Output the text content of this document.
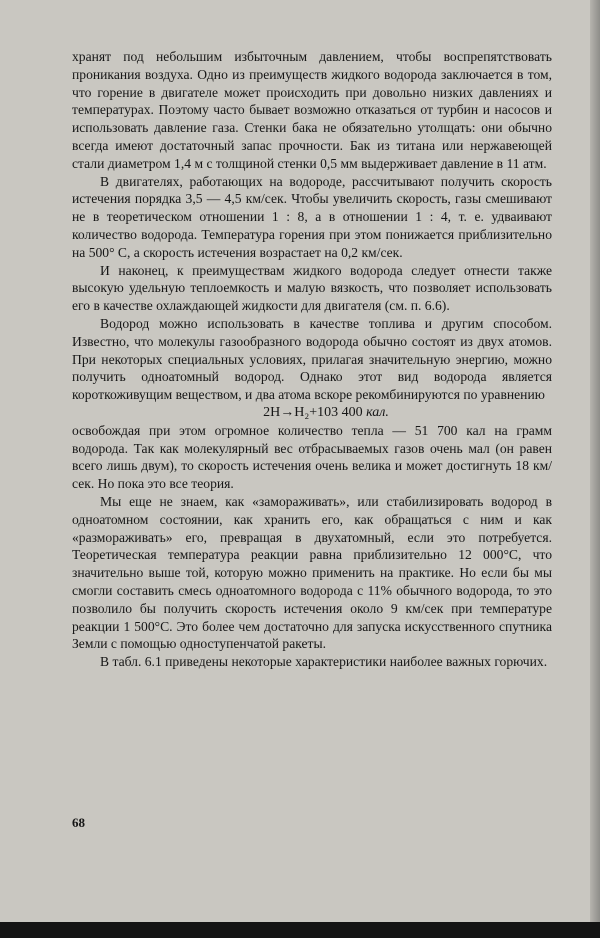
хранят под небольшим избыточным давлением, чтобы воспрепятствовать проникания воздуха. Одно из преимуществ жидкого водорода заключается в том, что горение в двигателе может происходить при довольно низких давлениях и температурах. Поэтому часто бывает возможно отказаться от турбин и насосов и использовать давление газа. Стенки бака не обязательно утолщать: они обычно всегда имеют достаточный запас прочности. Бак из титана или нержавеющей стали диаметром 1,4 м с толщиной стенки 0,5 мм выдерживает давление в 11 атм.

В двигателях, работающих на водороде, рассчитывают получить скорость истечения порядка 3,5 — 4,5 км/сек. Чтобы увеличить скорость, газы смешивают не в теоретическом отношении 1 : 8, а в отношении 1 : 4, т. е. удваивают количество водорода. Температура горения при этом понижается приблизительно на 500° С, а скорость истечения возрастает на 0,2 км/сек.

И наконец, к преимуществам жидкого водорода следует отнести также высокую удельную теплоемкость и малую вязкость, что позволяет использовать его в качестве охлаждающей жидкости для двигателя (см. п. 6.6).

Водород можно использовать в качестве топлива и другим способом. Известно, что молекулы газообразного водорода обычно состоят из двух атомов. При некоторых специальных условиях, прилагая значительную энергию, можно получить одноатомный водород. Однако этот вид водорода является короткоживущим веществом, и два атома вскоре рекомбинируются по уравнению

2H→H₂+103 400 кал.

освобождая при этом огромное количество тепла — 51 700 кал на грамм водорода. Так как молекулярный вес отбрасываемых газов очень мал (он равен всего лишь двум), то скорость истечения очень велика и может достигнуть 18 км/сек. Но пока это все теория.

Мы еще не знаем, как «замораживать», или стабилизировать водород в одноатомном состоянии, как хранить его, как обращаться с ним и как «размораживать» его, превращая в двухатомный, если это потребуется. Теоретическая температура реакции равна приблизительно 12 000°С, что значительно выше той, которую можно применить на практике. Но если бы мы смогли составить смесь одноатомного водорода с 11% обычного водорода, то это позволило бы получить скорость истечения около 9 км/сек при температуре реакции 1 500°С. Это более чем достаточно для запуска искусственного спутника Земли с помощью одноступенчатой ракеты.

В табл. 6.1 приведены некоторые характеристики наиболее важных горючих.

68
